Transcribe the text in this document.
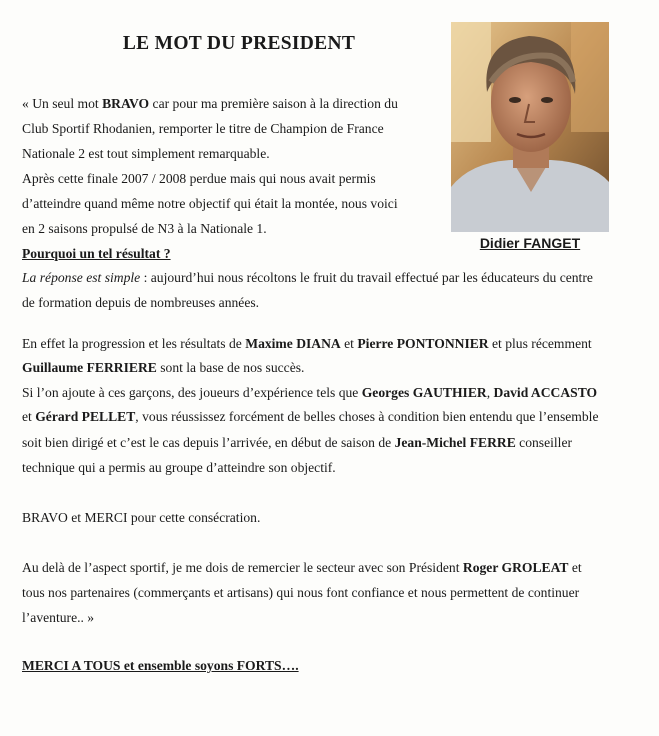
LE MOT DU PRESIDENT
Didier FANGET
« Un seul mot BRAVO car pour ma première saison à la direction du
Club Sportif Rhodanien, remporter le titre de Champion de France
Nationale 2 est tout simplement remarquable.
Après cette finale 2007 / 2008 perdue mais qui nous avait permis
d’atteindre quand même notre objectif qui était la montée, nous voici
en 2 saisons propulsé de N3 à la Nationale 1.
Pourquoi un tel résultat ?
La réponse est simple : aujourd’hui nous récoltons le fruit du travail effectué par les éducateurs du centre
de formation depuis de nombreuses années.
En effet la progression et les résultats de Maxime DIANA et Pierre PONTONNIER et plus récemment
Guillaume FERRIERE sont la base de nos succès.
Si l’on ajoute à ces garçons, des joueurs d’expérience tels que Georges GAUTHIER, David ACCASTO
et Gérard PELLET, vous réussissez forcément de belles choses à condition bien entendu que l’ensemble
soit bien dirigé et c’est le cas depuis l’arrivée, en début de saison de Jean-Michel FERRE conseiller
technique qui a permis au groupe d’atteindre son objectif.
BRAVO et MERCI pour cette consécration.
Au delà de l’aspect sportif, je me dois de remercier le secteur avec son Président Roger GROLEAT et
tous nos partenaires (commerçants et artisans) qui nous font confiance et nous permettent de continuer
l’aventure.. »
MERCI A TOUS et ensemble soyons FORTS….
